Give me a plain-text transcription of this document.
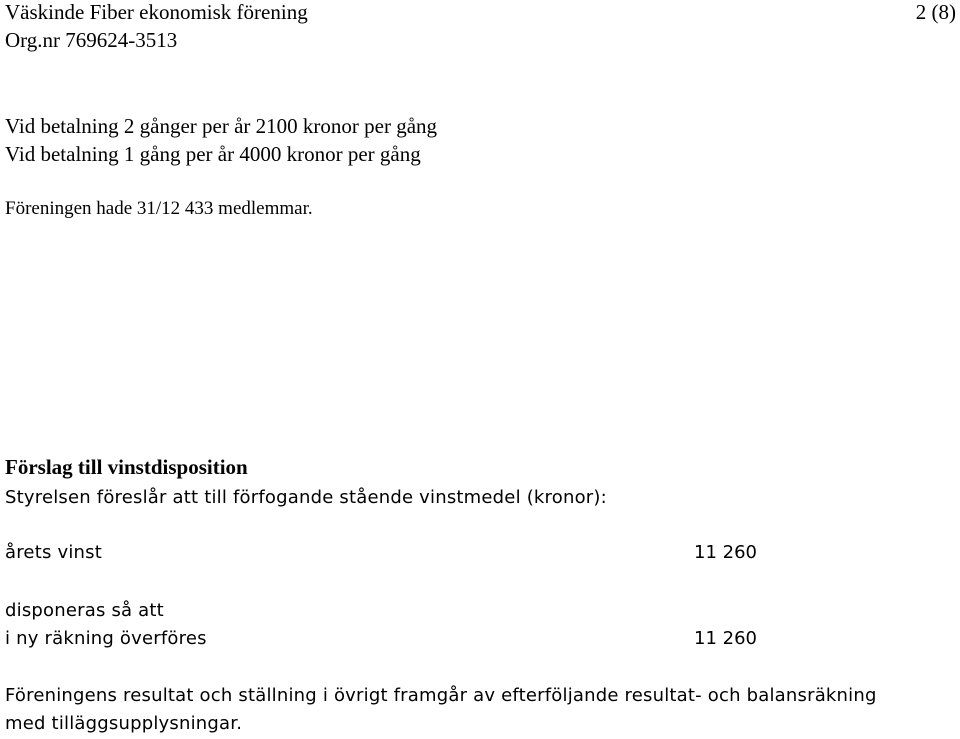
Väskinde Fiber ekonomisk förening	2 (8)
Org.nr 769624-3513
Vid betalning 2 gånger per år 2100 kronor per gång
Vid betalning 1 gång per år 4000 kronor per gång
Föreningen hade 31/12 433 medlemmar.
Förslag till vinstdisposition
Styrelsen föreslår att till förfogande stående vinstmedel (kronor):
årets vinst	11 260
disponeras så att
i ny räkning överföres	11 260
Föreningens resultat och ställning i övrigt framgår av efterföljande resultat- och balansräkning
med tilläggsupplysningar.
